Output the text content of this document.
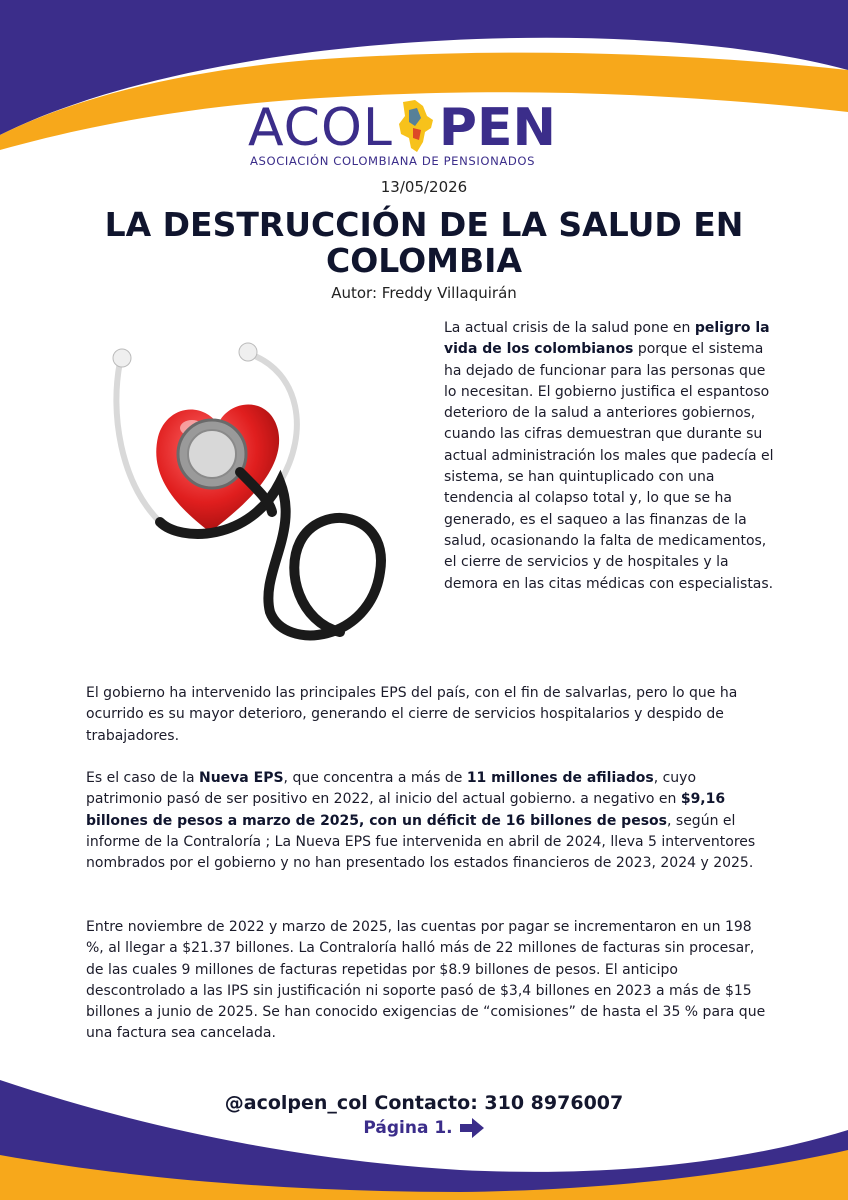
ACOL PEN
ASOCIACIÓN COLOMBIANA DE PENSIONADOS
13/05/2026
LA DESTRUCCIÓN DE LA SALUD EN COLOMBIA
Autor: Freddy Villaquirán
La actual crisis de la salud pone en peligro la vida de los colombianos porque el sistema ha dejado de funcionar para las personas que lo necesitan. El gobierno justifica el espantoso deterioro de la salud a anteriores gobiernos, cuando las cifras demuestran que durante su actual administración los males que padecía el sistema, se han quintuplicado con una tendencia al colapso total y, lo que se ha generado, es el saqueo a las finanzas de la salud, ocasionando la falta de medicamentos, el cierre de servicios y de hospitales y la demora en las citas médicas con especialistas.

El gobierno ha intervenido las principales EPS del país, con el fin de salvarlas, pero lo que ha ocurrido es su mayor deterioro, generando el cierre de servicios hospitalarios y despido de trabajadores.

Es el caso de la Nueva EPS, que concentra a más de 11 millones de afiliados, cuyo patrimonio pasó de ser positivo en 2022, al inicio del actual gobierno. a negativo en $9,16 billones de pesos a marzo de 2025, con un déficit de 16 billones de pesos, según el informe de la Contraloría ; La Nueva EPS fue intervenida en abril de 2024, lleva 5 interventores nombrados por el gobierno y no han presentado los estados financieros de 2023, 2024 y 2025.

Entre noviembre de 2022 y marzo de 2025, las cuentas por pagar se incrementaron en un 198 %, al llegar a $21.37 billones. La Contraloría halló más de 22 millones de facturas sin procesar, de las cuales 9 millones de facturas repetidas por $8.9 billones de pesos. El anticipo descontrolado a las IPS sin justificación ni soporte pasó de $3,4 billones en 2023 a más de $15 billones a junio de 2025. Se han conocido exigencias de “comisiones” de hasta el 35 % para que una factura sea cancelada.

@acolpen_col Contacto: 310 8976007
Página 1.
